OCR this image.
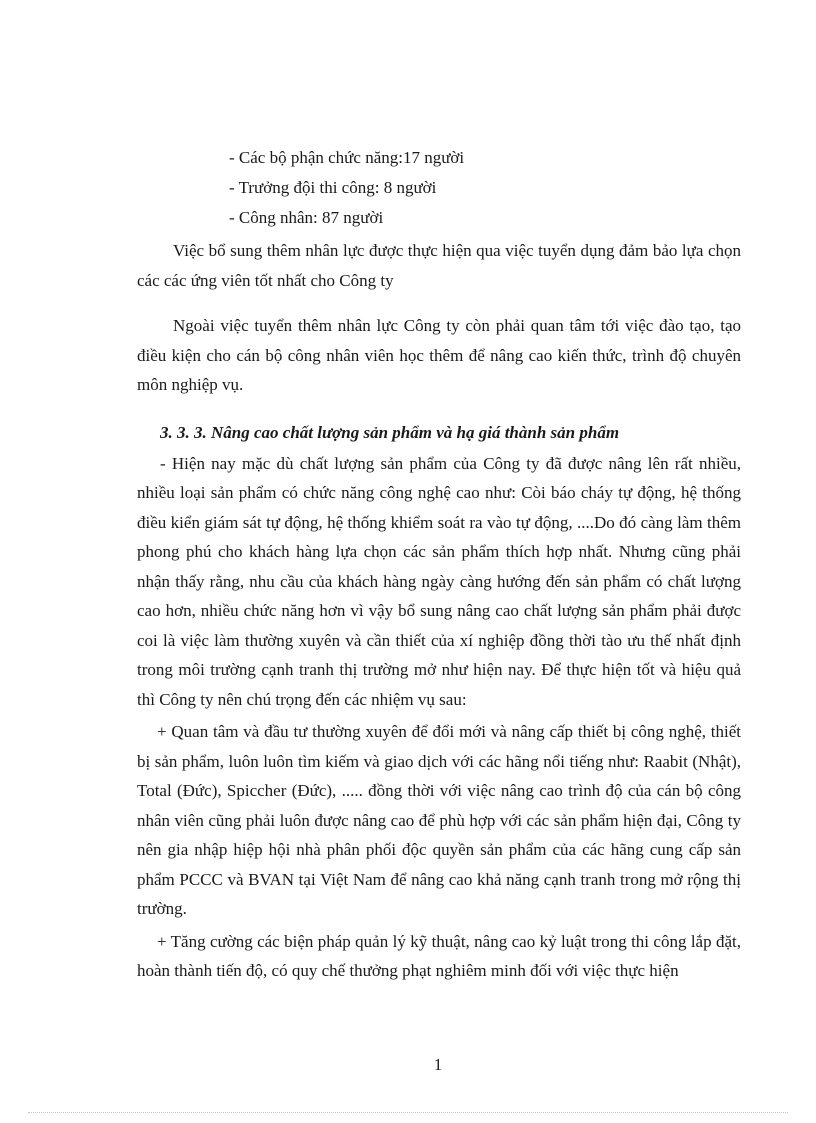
- Các bộ phận chức năng:17 người

- Trưởng đội thi công: 8 người

- Công nhân: 87 người

Việc bổ sung thêm nhân lực được thực hiện qua việc tuyển dụng đảm bảo lựa chọn các các ứng viên tốt nhất cho Công ty

Ngoài việc tuyển thêm nhân lực Công ty còn phải quan tâm tới việc đào tạo, tạo điều kiện cho cán bộ công nhân viên học thêm để nâng cao kiến thức, trình độ chuyên môn nghiệp vụ.

3. 3. 3. Nâng cao chất lượng sản phẩm và hạ giá thành sản phẩm

- Hiện nay mặc dù chất lượng sản phẩm của Công ty đã được nâng lên rất nhiều, nhiều loại sản phẩm có chức năng công nghệ cao như: Còi báo cháy tự động, hệ thống điều kiển giám sát tự động, hệ thống khiểm soát ra vào tự động, ....Do đó càng làm thêm phong phú cho khách hàng lựa chọn các sản phẩm thích hợp nhất. Nhưng cũng phải nhận thấy rằng, nhu cầu của khách hàng ngày càng hướng đến sản phẩm có chất lượng cao hơn, nhiều chức năng hơn vì vậy bổ sung nâng cao chất lượng sản phẩm phải được coi là việc làm thường xuyên và cần thiết của xí nghiệp đồng thời tào ưu thế nhất định trong môi trường cạnh tranh thị trường mở như hiện nay. Để thực hiện tốt và hiệu quả thì Công ty nên chú trọng đến các nhiệm vụ sau:

+ Quan tâm và đầu tư thường xuyên để đổi mới và nâng cấp thiết bị công nghệ, thiết bị sản phẩm, luôn luôn tìm kiếm và giao dịch với các hãng nổi tiếng như: Raabit (Nhật), Total (Đức), Spiccher (Đức), ..... đồng thời với việc nâng cao trình độ của cán bộ công nhân viên cũng phải luôn được nâng cao để phù hợp với các sản phẩm hiện đại, Công ty nên gia nhập hiệp hội nhà phân phối độc quyền sản phẩm của các hãng cung cấp sản phẩm PCCC và BVAN tại Việt Nam để nâng cao khả năng cạnh tranh trong mở rộng thị trường.

+ Tăng cường các biện pháp quản lý kỹ thuật, nâng cao kỷ luật trong thi công lắp đặt, hoàn thành tiến độ, có quy chế thưởng phạt nghiêm minh đối với việc thực hiện

1
